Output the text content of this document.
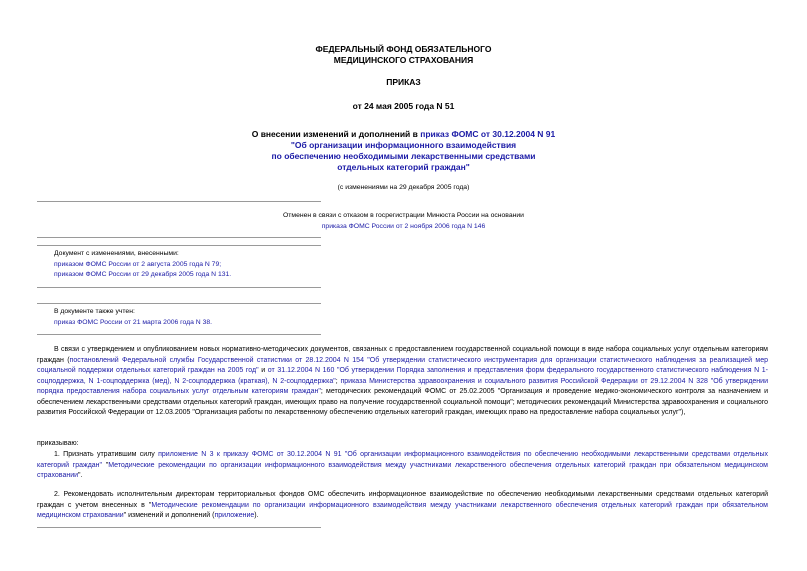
ФЕДЕРАЛЬНЫЙ ФОНД ОБЯЗАТЕЛЬНОГО
МЕДИЦИНСКОГО СТРАХОВАНИЯ
ПРИКАЗ
от 24 мая 2005 года N 51
О внесении изменений и дополнений в приказ ФОМС от 30.12.2004 N 91
"Об организации информационного взаимодействия
по обеспечению необходимыми лекарственными средствами
отдельных категорий граждан"
(с изменениями на 29 декабря 2005 года)
Отменен в связи с отказом в госрегистрации Минюста России на основании
приказа ФОМС России от 2 ноября 2006 года N 146
Документ с изменениями, внесенными:
приказом ФОМС России от 2 августа 2005 года N 79;
приказом ФОМС России от 29 декабря 2005 года N 131.
В документе также учтен:
приказ ФОМС России от 21 марта 2006 года N 38.

В связи с утверждением и опубликованием новых нормативно-методических документов, связанных с предоставлением государственной социальной помощи в виде набора социальных услуг отдельным категориям граждан (постановлений Федеральной службы Государственной статистики от 28.12.2004 N 154 "Об утверждении статистического инструментария для организации статистического наблюдения за реализацией мер социальной поддержки отдельных категорий граждан на 2005 год" и от 31.12.2004 N 160 "Об утверждении Порядка заполнения и представления форм федерального государственного статистического наблюдения N 1-соцподдержка, N 1-соцподдержка (мед), N 2-соцподдержка (краткая), N 2-соцподдержка"; приказа Министерства здравоохранения и социального развития Российской Федерации от 29.12.2004 N 328 "Об утверждении порядка предоставления набора социальных услуг отдельным категориям граждан"; методических рекомендаций ФОМС от 25.02.2005 "Организация и проведение медико-экономического контроля за назначением и обеспечением лекарственными средствами отдельных категорий граждан, имеющих право на получение государственной социальной помощи"; методических рекомендаций Министерства здравоохранения и социального развития Российской Федерации от 12.03.2005 "Организация работы по лекарственному обеспечению отдельных категорий граждан, имеющих право на предоставление набора социальных услуг"),

приказываю:

1. Признать утратившим силу приложение N 3 к приказу ФОМС от 30.12.2004 N 91 "Об организации информационного взаимодействия по обеспечению необходимыми лекарственными средствами отдельных категорий граждан" "Методические рекомендации по организации информационного взаимодействия между участниками лекарственного обеспечения отдельных категорий граждан при обязательном медицинском страховании".

2. Рекомендовать исполнительным директорам территориальных фондов ОМС обеспечить информационное взаимодействие по обеспечению необходимыми лекарственными средствами отдельных категорий граждан с учетом внесенных в "Методические рекомендации по организации информационного взаимодействия между участниками лекарственного обеспечения отдельных категорий граждан при обязательном медицинском страховании" изменений и дополнений (приложение).
